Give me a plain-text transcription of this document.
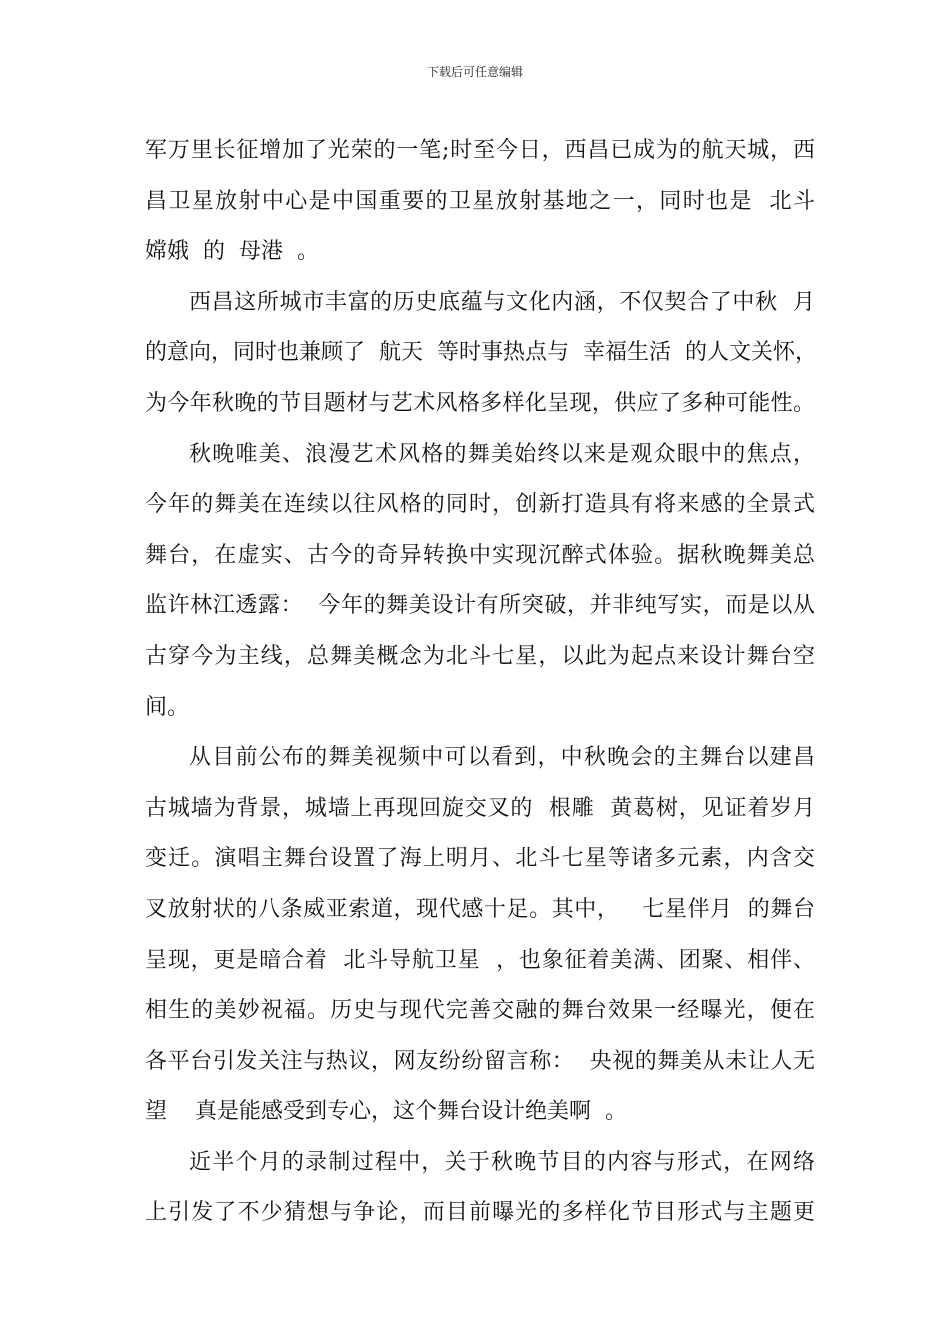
下载后可任意编辑
军万里长征增加了光荣的一笔;时至今日，西昌已成为的航天城，西
昌卫星放射中心是中国重要的卫星放射基地之一，同时也是  北斗
嫦娥  的  母港  。
西昌这所城市丰富的历史底蕴与文化内涵，不仅契合了中秋  月
的意向，同时也兼顾了  航天  等时事热点与  幸福生活  的人文关怀，
为今年秋晚的节目题材与艺术风格多样化呈现，供应了多种可能性。
秋晚唯美、浪漫艺术风格的舞美始终以来是观众眼中的焦点，
今年的舞美在连续以往风格的同时，创新打造具有将来感的全景式
舞台，在虚实、古今的奇异转换中实现沉醉式体验。据秋晚舞美总
监许林江透露：  今年的舞美设计有所突破，并非纯写实，而是以从
古穿今为主线，总舞美概念为北斗七星，以此为起点来设计舞台空
间。
从目前公布的舞美视频中可以看到，中秋晚会的主舞台以建昌
古城墙为背景，城墙上再现回旋交叉的  根雕  黄葛树，见证着岁月
变迁。演唱主舞台设置了海上明月、北斗七星等诸多元素，内含交
叉放射状的八条威亚索道，现代感十足。其中，   七星伴月  的舞台
呈现，更是暗合着  北斗导航卫星  ，也象征着美满、团聚、相伴、
相生的美妙祝福。历史与现代完善交融的舞台效果一经曝光，便在
各平台引发关注与热议，网友纷纷留言称：  央视的舞美从未让人无
望    真是能感受到专心，这个舞台设计绝美啊  。
近半个月的录制过程中，关于秋晚节目的内容与形式，在网络
上引发了不少猜想与争论，而目前曝光的多样化节目形式与主题更
